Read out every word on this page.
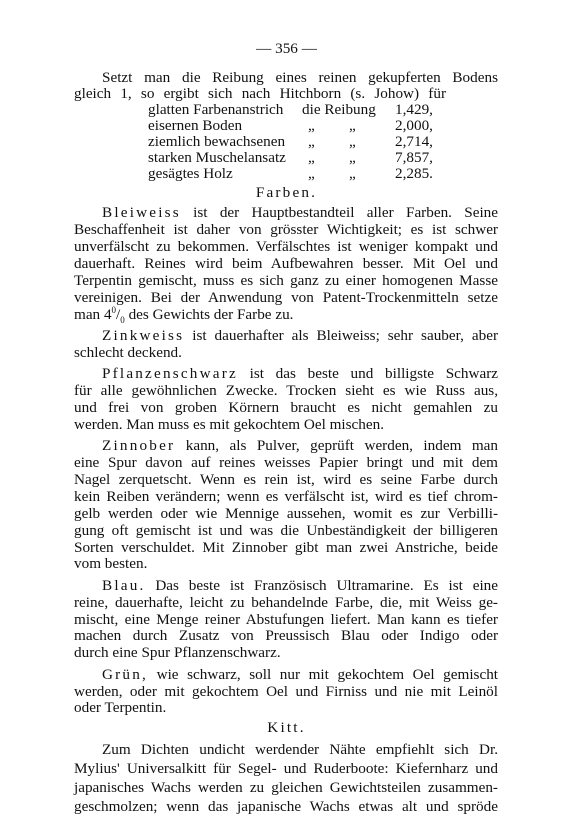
— 356 —
Setzt man die Reibung eines reinen gekupferten Bodens
gleich 1, so ergibt sich nach Hitchborn (s. Johow) für
glatten Farbenanstrich die Reibung 1,429,
eisernen Boden	„ „	2,000,
ziemlich bewachsenen „ „	2,714,
starken Muschelansatz „ „	7,857,
gesägtes Holz	„ „	2,285.
Farben.
Bleiweiss ist der Hauptbestandteil aller Farben. Seine
Beschaffenheit ist daher von grösster Wichtigkeit; es ist schwer
unverfälscht zu bekommen. Verfälschtes ist weniger kompakt und
dauerhaft. Reines wird beim Aufbewahren besser. Mit Oel und
Terpentin gemischt, muss es sich ganz zu einer homogenen Masse
vereinigen. Bei der Anwendung von Patent-Trockenmitteln setze
man $4^0/_0$ des Gewichts der Farbe zu.
Zinkweiss ist dauerhafter als Bleiweiss; sehr sauber, aber
schlecht deckend.
Pflanzenschwarz ist das beste und billigste Schwarz
für alle gewöhnlichen Zwecke. Trocken sieht es wie Russ aus,
und frei von groben Körnern braucht es nicht gemahlen zu
werden. Man muss es mit gekochtem Oel mischen.
Zinnober kann, als Pulver, geprüft werden, indem man
eine Spur davon auf reines weisses Papier bringt und mit dem
Nagel zerquetscht. Wenn es rein ist, wird es seine Farbe durch
kein Reiben verändern; wenn es verfälscht ist, wird es tief chrom-
gelb werden oder wie Mennige aussehen, womit es zur Verbilli-
gung oft gemischt ist und was die Unbeständigkeit der billigeren
Sorten verschuldet. Mit Zinnober gibt man zwei Anstriche, beide
vom besten.
Blau. Das beste ist Französisch Ultramarine. Es ist eine
reine, dauerhafte, leicht zu behandelnde Farbe, die, mit Weiss ge-
mischt, eine Menge reiner Abstufungen liefert. Man kann es tiefer
machen durch Zusatz von Preussisch Blau oder Indigo oder
durch eine Spur Pflanzenschwarz.
Grün, wie schwarz, soll nur mit gekochtem Oel gemischt
werden, oder mit gekochtem Oel und Firniss und nie mit Leinöl
oder Terpentin.
Kitt.
Zum Dichten undicht werdender Nähte empfiehlt sich Dr.
Mylius' Universalkitt für Segel- und Ruderboote: Kiefernharz und
japanisches Wachs werden zu gleichen Gewichtsteilen zusammen-
geschmolzen; wenn das japanische Wachs etwas alt und spröde
